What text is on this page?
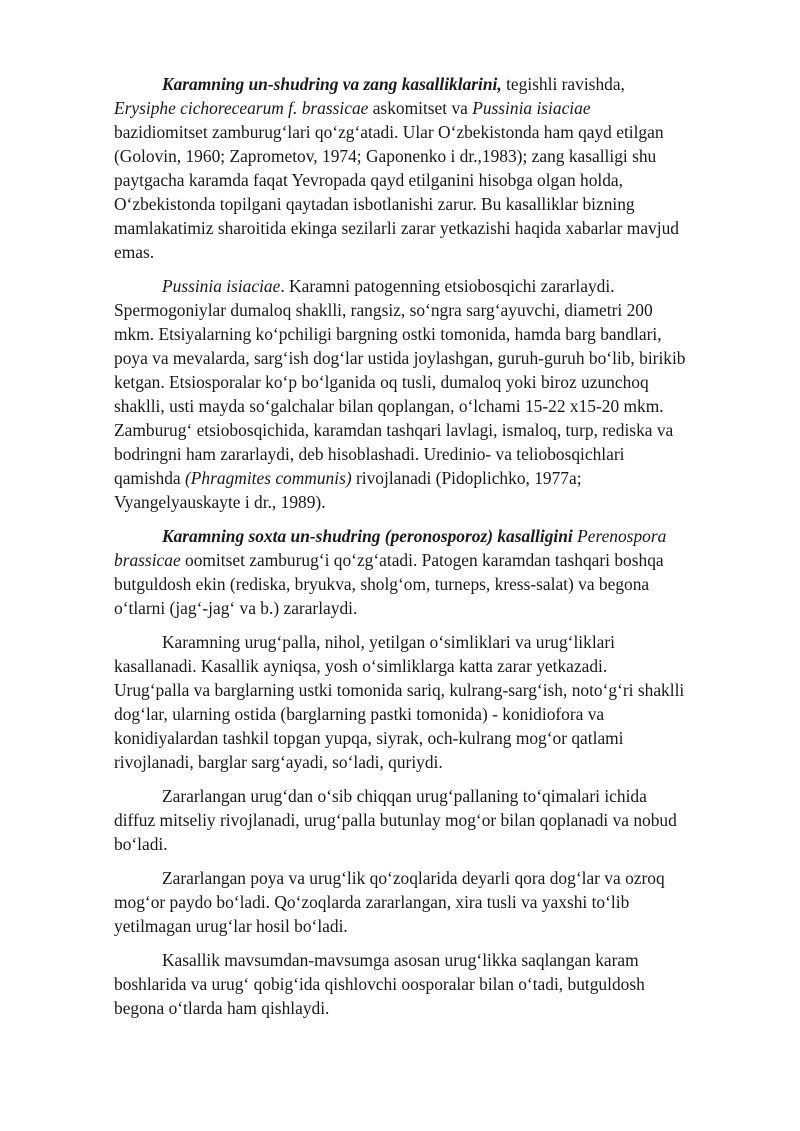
Karamning un-shudring va zang kasalliklarini, tegishli ravishda, Erysiphe cichorecearum f. brassicae askomitset va Pussinia isiaciae bazidiomitset zamburug‘lari qo‘zg‘atadi. Ular O‘zbekistonda ham qayd etilgan (Golovin, 1960; Zaprometov, 1974; Gaponenko i dr.,1983); zang kasalligi shu paytgacha karamda faqat Yevropada qayd etilganini hisobga olgan holda, O‘zbekistonda topilgani qaytadan isbotlanishi zarur. Bu kasalliklar bizning mamlakatimiz sharoitida ekinga sezilarli zarar yetkazishi haqida xabarlar mavjud emas.

Pussinia isiaciae. Karamni patogenning etsiobosqichi zararlaydi. Spermogoniylar dumaloq shaklli, rangsiz, so‘ngra sarg‘ayuvchi, diametri 200 mkm. Etsiyalarning ko‘pchiligi bargning ostki tomonida, hamda barg bandlari, poya va mevalarda, sarg‘ish dog‘lar ustida joylashgan, guruh-guruh bo‘lib, birikib ketgan. Etsiosporalar ko‘p bo‘lganida oq tusli, dumaloq yoki biroz uzunchoq shaklli, usti mayda so‘galchalar bilan qoplangan, o‘lchami 15-22 x15-20 mkm. Zamburug‘ etsiobosqichida, karamdan tashqari lavlagi, ismaloq, turp, rediska va bodringni ham zararlaydi, deb hisoblashadi. Uredinio- va teliobosqichlari qamishda (Phragmites communis) rivojlanadi (Pidoplichko, 1977a; Vyangelyauskayte i dr., 1989).

Karamning soxta un-shudring (peronosporoz) kasalligini Perenospora brassicae oomitset zamburug‘i qo‘zg‘atadi. Patogen karamdan tashqari boshqa butguldosh ekin (rediska, bryukva, sholg‘om, turneps, kress-salat) va begona o‘tlarni (jag‘-jag‘ va b.) zararlaydi.

Karamning urug‘palla, nihol, yetilgan o‘simliklari va urug‘liklari kasallanadi. Kasallik ayniqsa, yosh o‘simliklarga katta zarar yetkazadi. Urug‘palla va barglarning ustki tomonida sariq, kulrang-sarg‘ish, noto‘g‘ri shaklli dog‘lar, ularning ostida (barglarning pastki tomonida) - konidiofora va konidiyalardan tashkil topgan yupqa, siyrak, och-kulrang mog‘or qatlami rivojlanadi, barglar sarg‘ayadi, so‘ladi, quriydi.

Zararlangan urug‘dan o‘sib chiqqan urug‘pallaning to‘qimalari ichida diffuz mitseliy rivojlanadi, urug‘palla butunlay mog‘or bilan qoplanadi va nobud bo‘ladi.

Zararlangan poya va urug‘lik qo‘zoqlarida deyarli qora dog‘lar va ozroq mog‘or paydo bo‘ladi. Qo‘zoqlarda zararlangan, xira tusli va yaxshi to‘lib yetilmagan urug‘lar hosil bo‘ladi.

Kasallik mavsumdan-mavsumga asosan urug‘likka saqlangan karam boshlarida va urug‘ qobig‘ida qishlovchi oosporalar bilan o‘tadi, butguldosh begona o‘tlarda ham qishlaydi.
